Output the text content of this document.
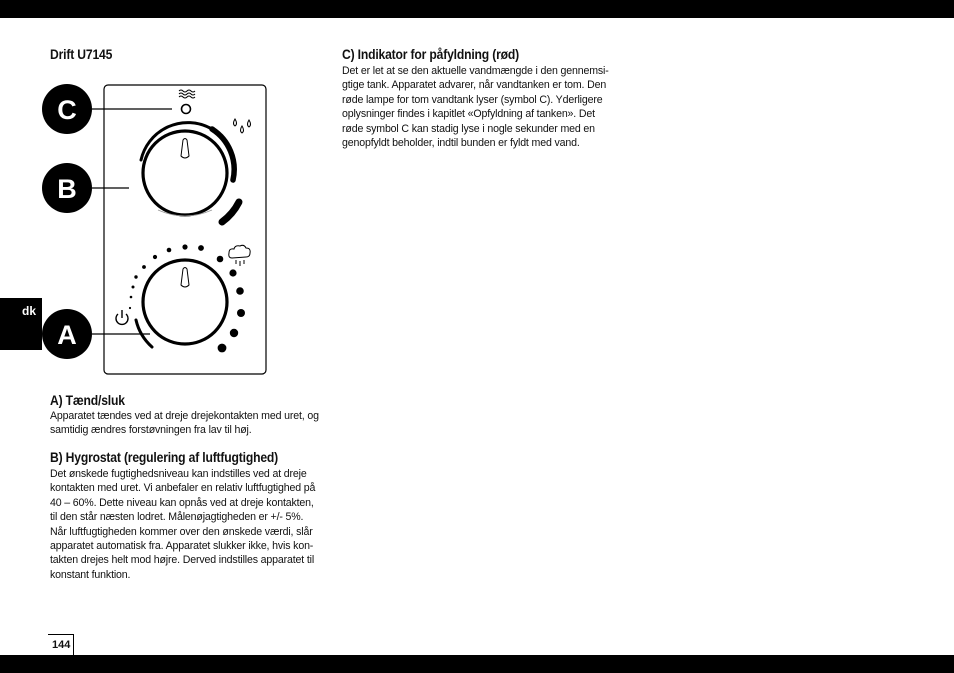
dk
Drift U7145
C
B
A
A) Tænd/sluk
Apparatet tændes ved at dreje drejekontakten med uret, og
samtidig ændres forstøvningen fra lav til høj.
B) Hygrostat (regulering af luftfugtighed)
Det ønskede fugtighedsniveau kan indstilles ved at dreje
kontakten med uret. Vi anbefaler en relativ luftfugtighed på
40 – 60%. Dette niveau kan opnås ved at dreje kontakten,
til den står næsten lodret. Målenøjagtigheden er +/- 5%.
Når luftfugtigheden kommer over den ønskede værdi, slår
apparatet automatisk fra. Apparatet slukker ikke, hvis kon-
takten drejes helt mod højre. Derved indstilles apparatet til
konstant funktion.
C) Indikator for påfyldning (rød)
Det er let at se den aktuelle vandmængde i den gennemsi-
gtige tank. Apparatet advarer, når vandtanken er tom. Den
røde lampe for tom vandtank lyser (symbol C). Yderligere
oplysninger findes i kapitlet «Opfyldning af tanken». Det
røde symbol C kan stadig lyse i nogle sekunder med en
genopfyldt beholder, indtil bunden er fyldt med vand.
144
